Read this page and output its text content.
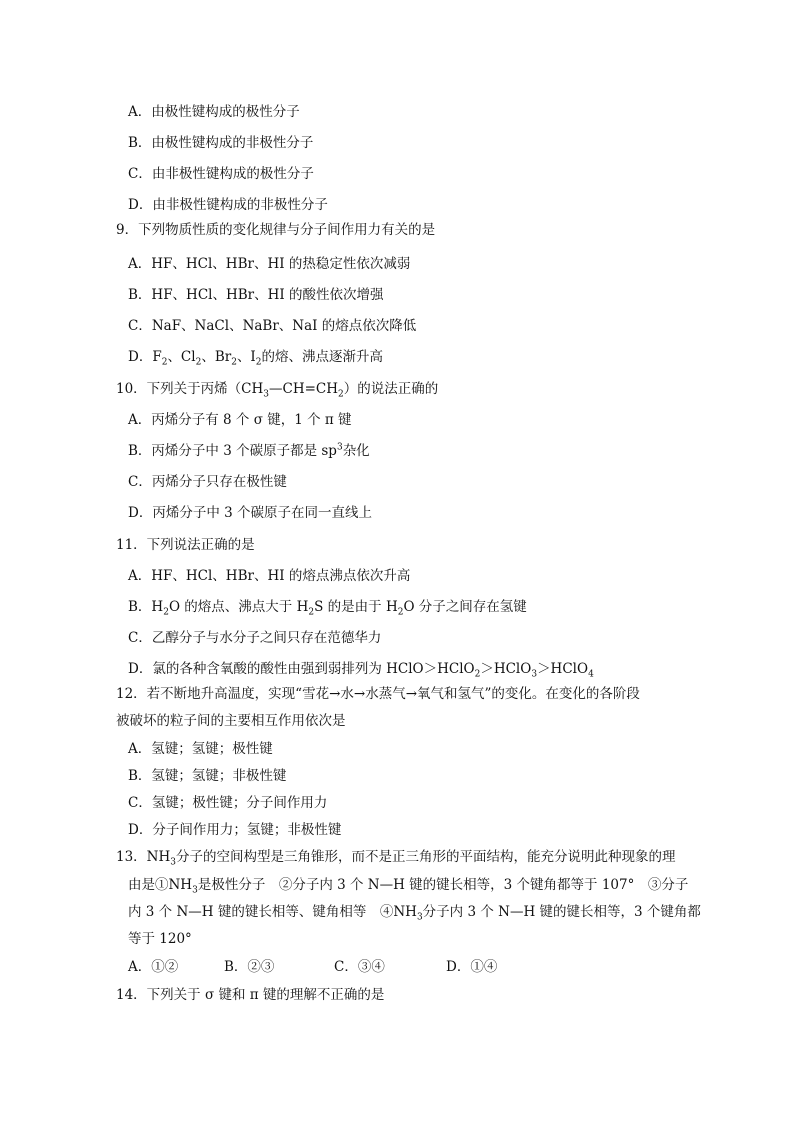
A．由极性键构成的极性分子
B．由极性键构成的非极性分子
C．由非极性键构成的极性分子
D．由非极性键构成的非极性分子
9．下列物质性质的变化规律与分子间作用力有关的是
A．HF、HCl、HBr、HI 的热稳定性依次减弱
B．HF、HCl、HBr、HI 的酸性依次增强
C．NaF、NaCl、NaBr、NaI 的熔点依次降低
D．$F_2$、$Cl_2$、$Br_2$、$I_2$的熔、沸点逐渐升高
10．下列关于丙烯$(CH_3—CH=CH_2)$的说法正确的
A．丙烯分子有 8 个 σ 键，1 个 π 键
B．丙烯分子中 3 个碳原子都是 $sp^3$杂化
C．丙烯分子只存在极性键
D．丙烯分子中 3 个碳原子在同一直线上
11．下列说法正确的是
A．HF、HCl、HBr、HI 的熔点沸点依次升高
B．$H_2O$ 的熔点、沸点大于 $H_2S$ 的是由于 $H_2O$ 分子之间存在氢键
C．乙醇分子与水分子之间只存在范德华力
D．氯的各种含氧酸的酸性由强到弱排列为 HClO＞HClO$_2$＞HClO$_3$＞HClO$_4$
12．若不断地升高温度，实现“雪花→水→水蒸气→氧气和氢气”的变化。在变化的各阶段
被破坏的粒子间的主要相互作用依次是
A．氢键；氢键；极性键
B．氢键；氢键；非极性键
C．氢键；极性键；分子间作用力
D．分子间作用力；氢键；非极性键
13．$NH_3$分子的空间构型是三角锥形，而不是正三角形的平面结构，能充分说明此种现象的理
由是$①NH_3$是极性分子　②分子内 3 个 N—H 键的键长相等，3 个键角都等于 107°　③分子
内 3 个 N—H 键的键长相等、键角相等　$④NH_3$分子内 3 个 N—H 键的键长相等，3 个键角都
等于 120°
A．①②	B．②③	C．③④	D．①④
14．下列关于 σ 键和 π 键的理解不正确的是
